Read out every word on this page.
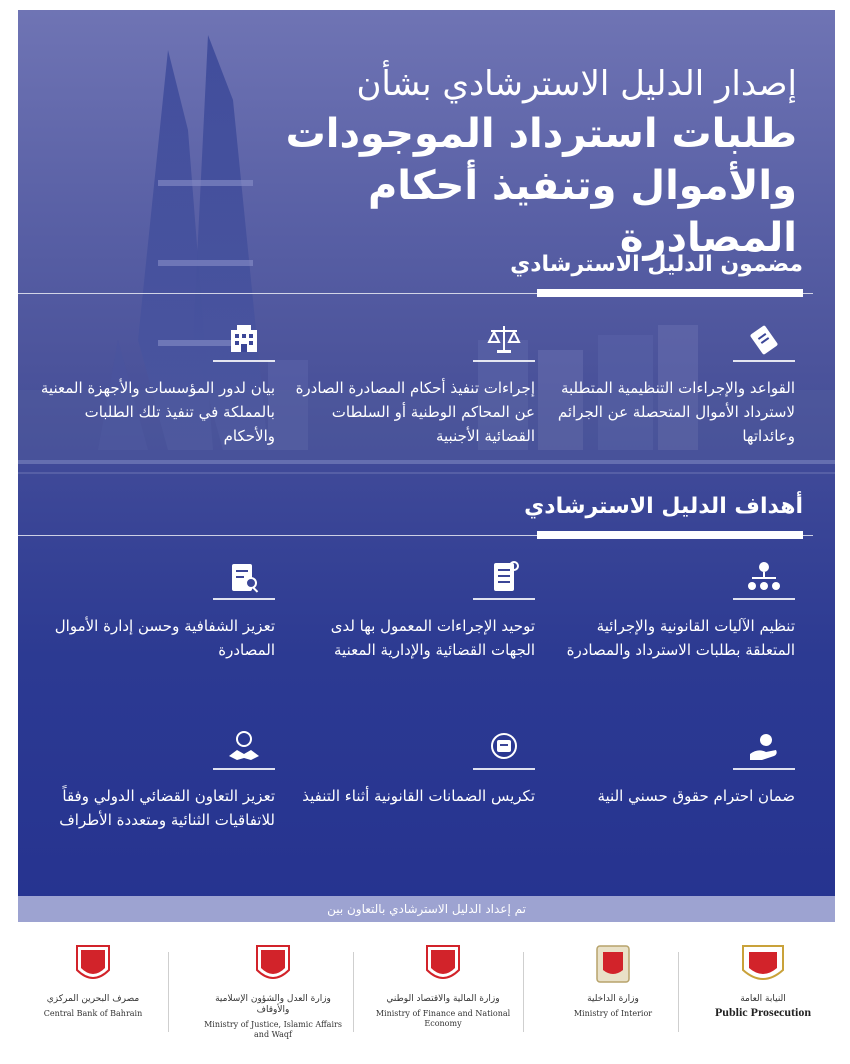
إصدار الدليل الاسترشادي بشأن
طلبات استرداد الموجودات
والأموال وتنفيذ أحكام المصادرة
مضمون الدليل الاسترشادي
القواعد والإجراءات التنظيمية المتطلبة لاسترداد الأموال المتحصلة عن الجرائم وعائداتها
إجراءات تنفيذ أحكام المصادرة الصادرة عن المحاكم الوطنية أو السلطات القضائية الأجنبية
بيان لدور المؤسسات والأجهزة المعنية بالمملكة في تنفيذ تلك الطلبات والأحكام
أهداف الدليل الاسترشادي
تنظيم الآليات القانونية والإجرائية المتعلقة بطلبات الاسترداد والمصادرة
توحيد الإجراءات المعمول بها لدى الجهات القضائية والإدارية المعنية
تعزيز الشفافية وحسن إدارة الأموال المصادرة
ضمان احترام حقوق حسني النية
تكريس الضمانات القانونية أثناء التنفيذ
تعزيز التعاون القضائي الدولي وفقاً للاتفاقيات الثنائية ومتعددة الأطراف
تم إعداد الدليل الاسترشادي بالتعاون بين
النيابة العامة
Public Prosecution
وزارة الداخلية
Ministry of Interior
وزارة المالية والاقتصاد الوطني
Ministry of Finance and National Economy
وزارة العدل والشؤون الإسلامية والأوقاف
Ministry of Justice, Islamic Affairs and Waqf
مصرف البحرين المركزي
Central Bank of Bahrain
